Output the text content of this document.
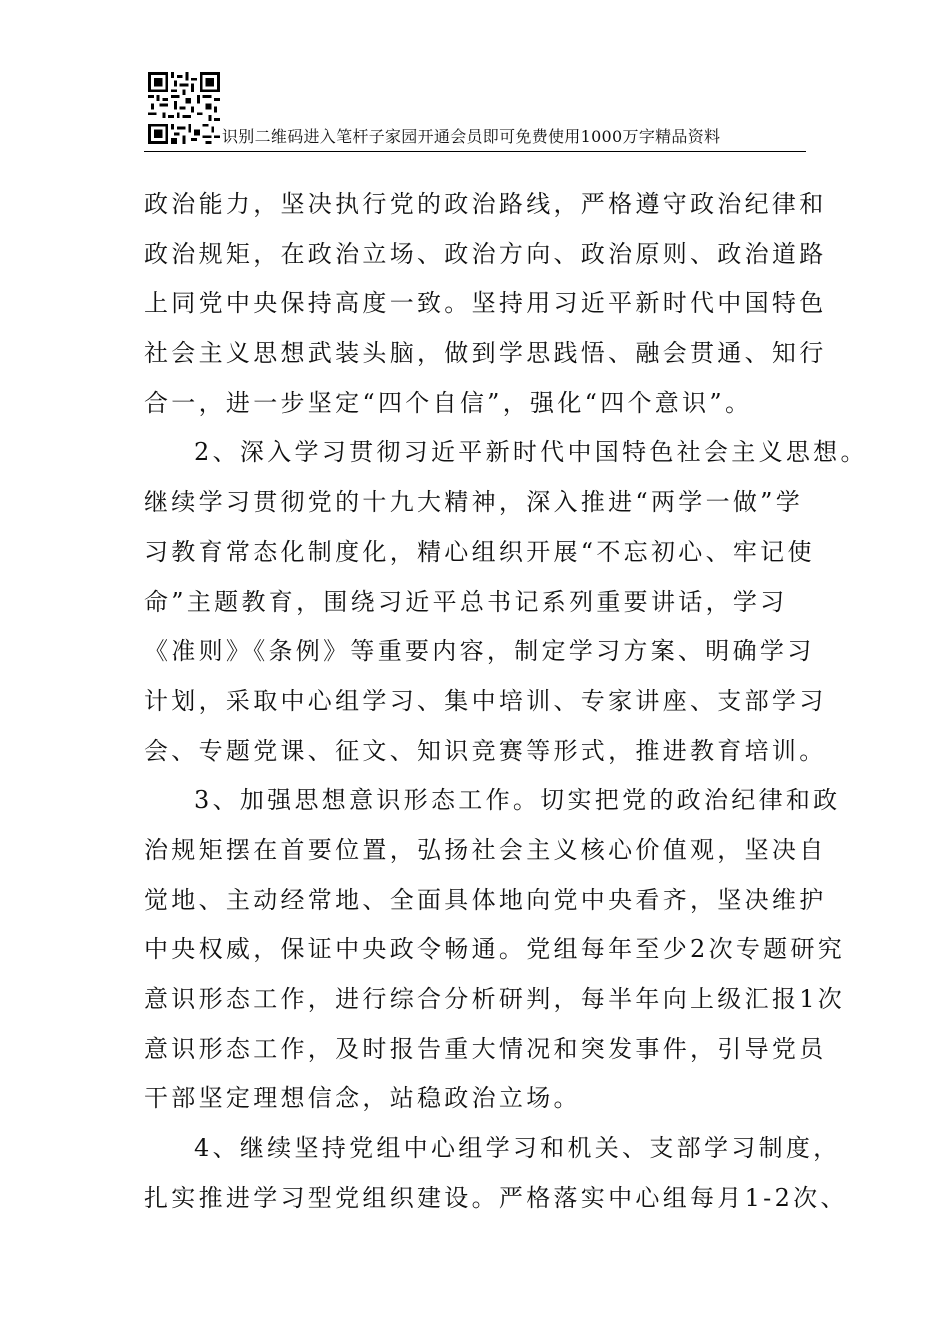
识别二维码进入笔杆子家园开通会员即可免费使用1000万字精品资料
政治能力，坚决执行党的政治路线，严格遵守政治纪律和
政治规矩，在政治立场、政治方向、政治原则、政治道路
上同党中央保持高度一致。坚持用习近平新时代中国特色
社会主义思想武装头脑，做到学思践悟、融会贯通、知行
合一，进一步坚定“四个自信”，强化“四个意识”。
2、深入学习贯彻习近平新时代中国特色社会主义思想。
继续学习贯彻党的十九大精神，深入推进“两学一做”学
习教育常态化制度化，精心组织开展“不忘初心、牢记使
命”主题教育，围绕习近平总书记系列重要讲话，学习
《准则》《条例》等重要内容，制定学习方案、明确学习
计划，采取中心组学习、集中培训、专家讲座、支部学习
会、专题党课、征文、知识竞赛等形式，推进教育培训。
3、加强思想意识形态工作。切实把党的政治纪律和政
治规矩摆在首要位置，弘扬社会主义核心价值观，坚决自
觉地、主动经常地、全面具体地向党中央看齐，坚决维护
中央权威，保证中央政令畅通。党组每年至少2次专题研究
意识形态工作，进行综合分析研判，每半年向上级汇报1次
意识形态工作，及时报告重大情况和突发事件，引导党员
干部坚定理想信念，站稳政治立场。
4、继续坚持党组中心组学习和机关、支部学习制度，
扎实推进学习型党组织建设。严格落实中心组每月1-2次、
